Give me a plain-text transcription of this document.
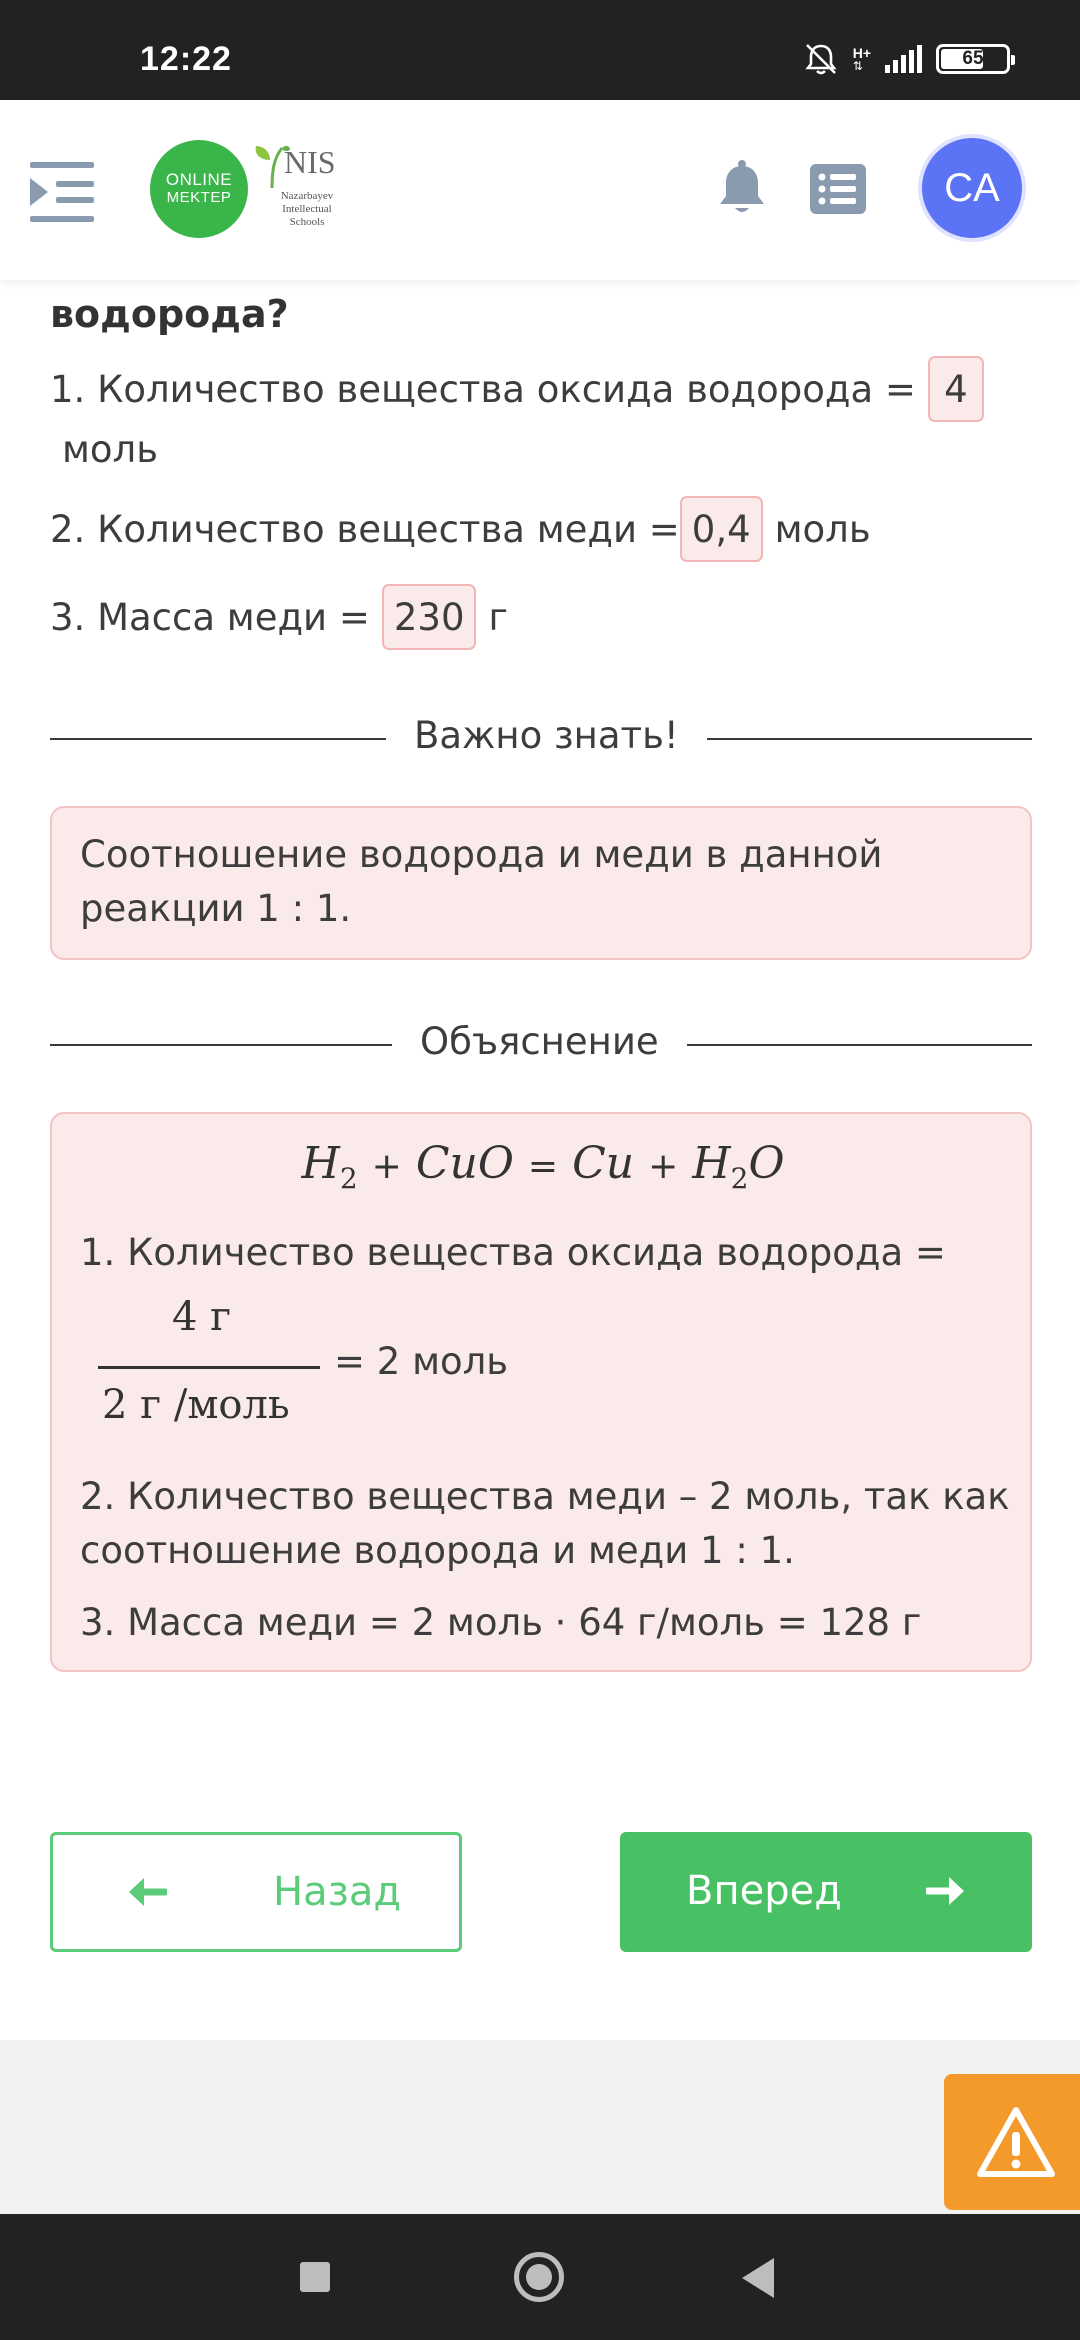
12:22	H+
⇅	65
ONLINE
MEKTEP
NIS
Nazarbayev Intellectual Schools
CA
водорода?
1. Количество вещества оксида водорода = 4
моль
2. Количество вещества меди = 0,4 моль
3. Масса меди = 230 г
Важно знать!
Соотношение водорода и меди в данной
реакции 1 : 1.
Объяснение
$H_2$ + CuO = $Cu + H_2O$
1. Количество вещества оксида водорода =
4 г
2 г /моль
= 2 моль
2. Количество вещества меди – 2 моль, так как
соотношение водорода и меди 1 : 1.
3. Масса меди = 2 моль · 64 г/моль = 128 г
Назад	Вперед
